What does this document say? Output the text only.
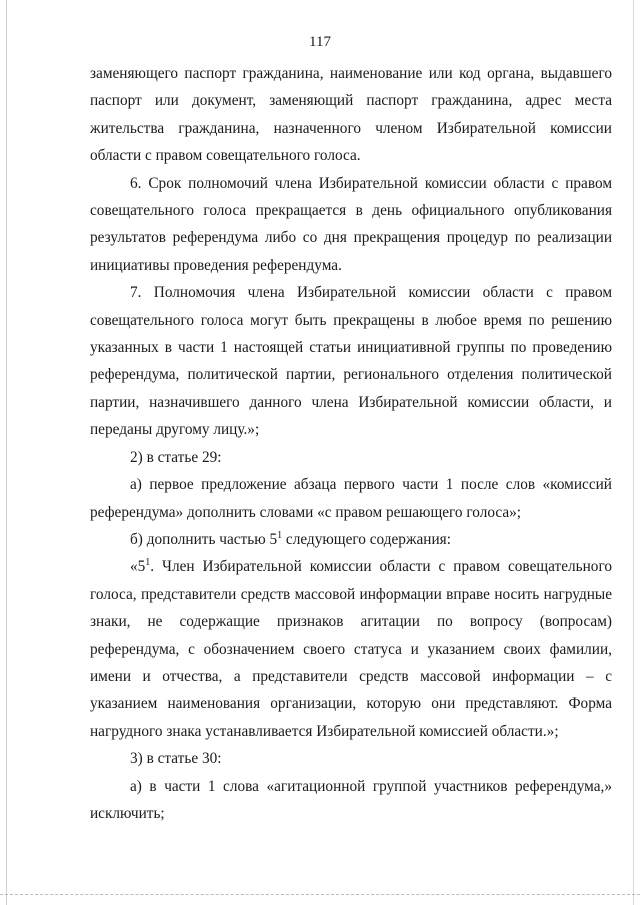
117

заменяющего паспорт гражданина, наименование или код органа, выдавшего паспорт или документ, заменяющий паспорт гражданина, адрес места жительства гражданина, назначенного членом Избирательной комиссии области с правом совещательного голоса.

6. Срок полномочий члена Избирательной комиссии области с правом совещательного голоса прекращается в день официального опубликования результатов референдума либо со дня прекращения процедур по реализации инициативы проведения референдума.

7. Полномочия члена Избирательной комиссии области с правом совещательного голоса могут быть прекращены в любое время по решению указанных в части 1 настоящей статьи инициативной группы по проведению референдума, политической партии, регионального отделения политической партии, назначившего данного члена Избирательной комиссии области, и переданы другому лицу.»;

2) в статье 29:

а) первое предложение абзаца первого части 1 после слов «комиссий референдума» дополнить словами «с правом решающего голоса»;

б) дополнить частью $5^1$ следующего содержания:

«$5^1$. Член Избирательной комиссии области с правом совещательного голоса, представители средств массовой информации вправе носить нагрудные знаки, не содержащие признаков агитации по вопросу (вопросам) референдума, с обозначением своего статуса и указанием своих фамилии, имени и отчества, а представители средств массовой информации – с указанием наименования организации, которую они представляют. Форма нагрудного знака устанавливается Избирательной комиссией области.»;

3) в статье 30:

а) в части 1 слова «агитационной группой участников референдума,» исключить;
